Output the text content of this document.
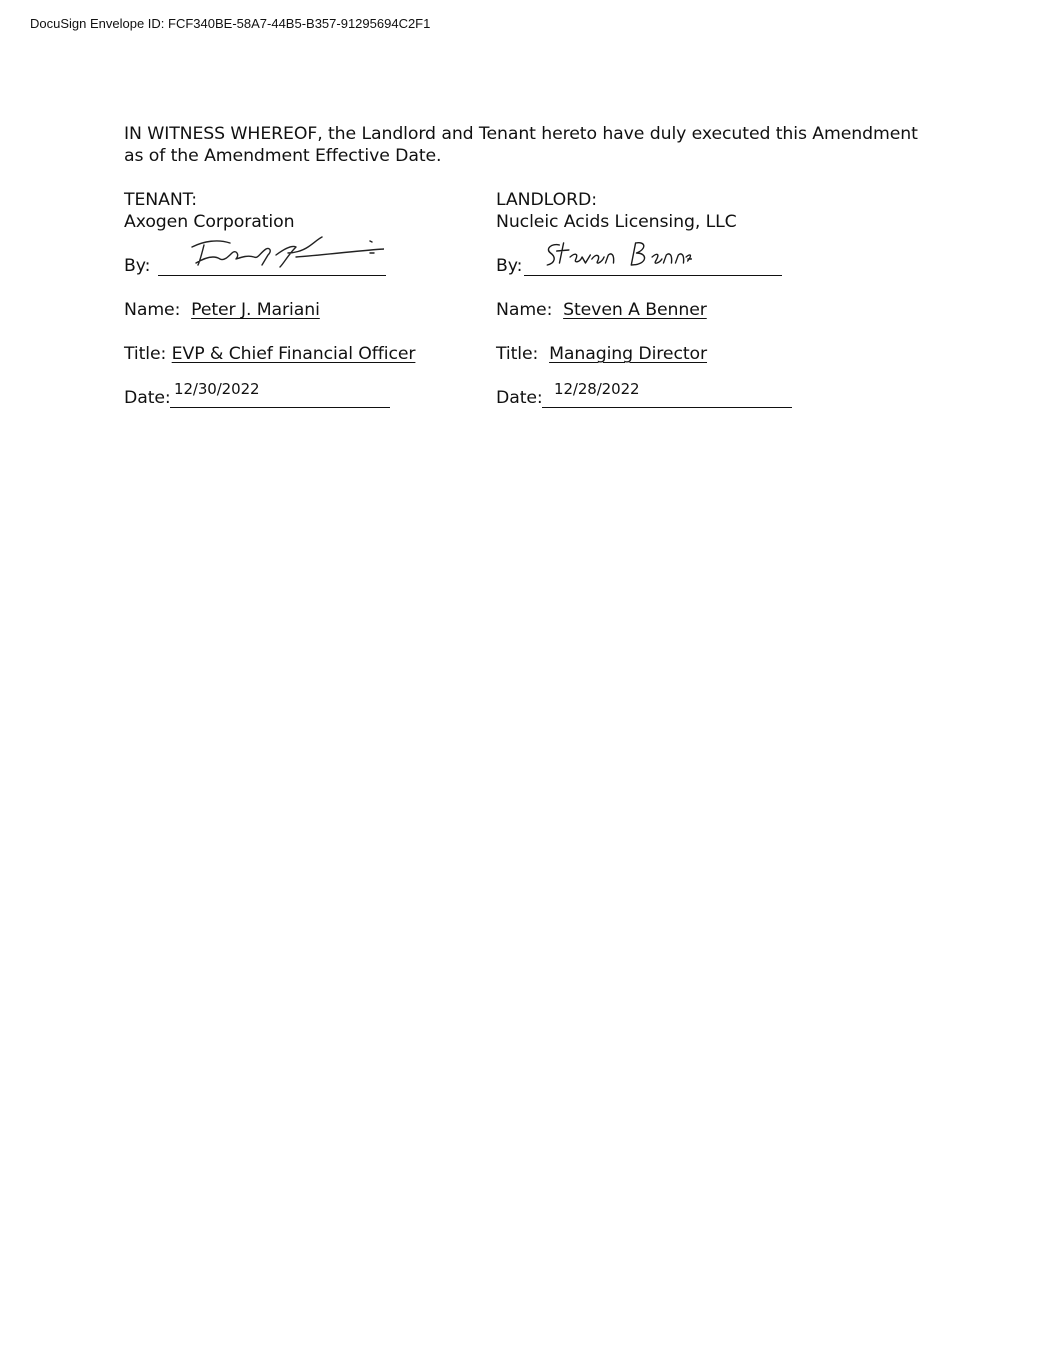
DocuSign Envelope ID: FCF340BE-58A7-44B5-B357-91295694C2F1
IN WITNESS WHEREOF, the Landlord and Tenant hereto have duly executed this Amendment
as of the Amendment Effective Date.
TENANT:
Axogen Corporation
By:
Name: Peter J. Mariani
Title: EVP & Chief Financial Officer
Date: 12/30/2022
LANDLORD:
Nucleic Acids Licensing, LLC
By:
Name: Steven A Benner
Title: Managing Director
Date: 12/28/2022
